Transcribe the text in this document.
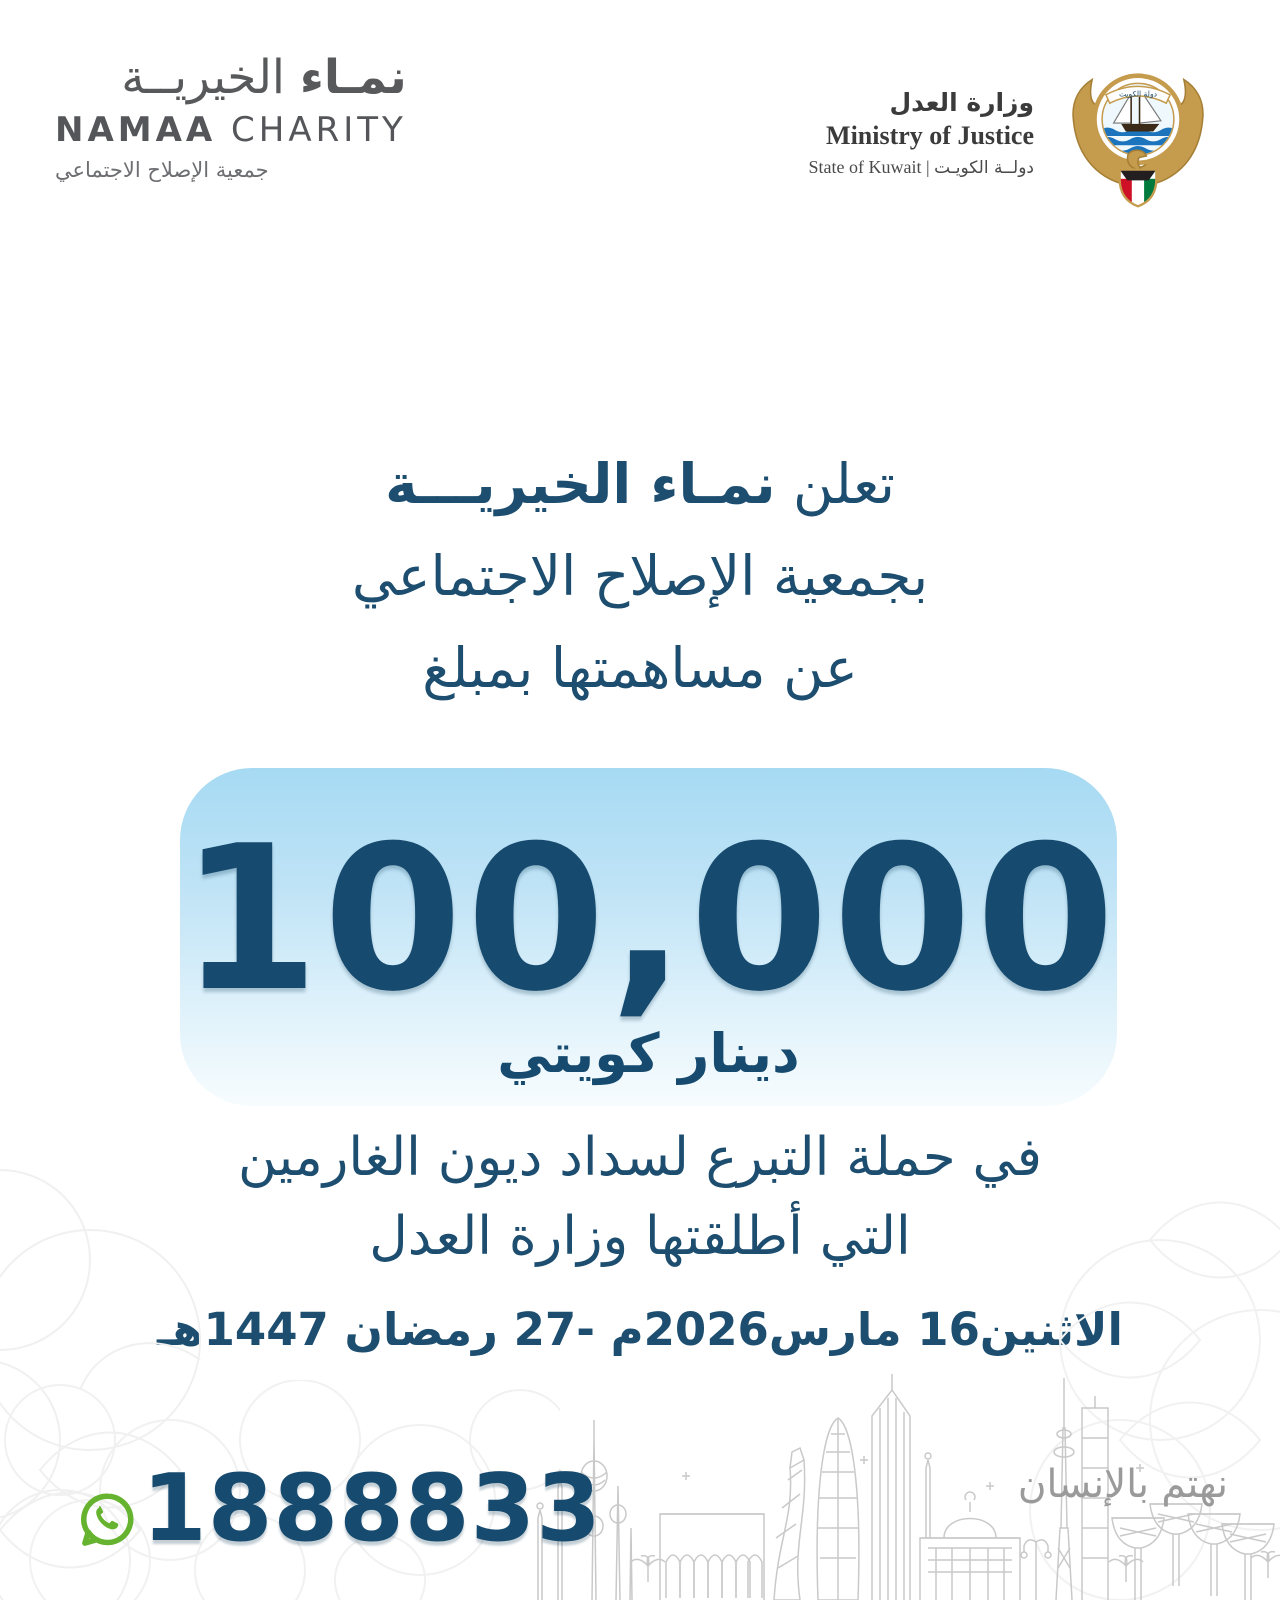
نمـاء الخيريــة
NAMAA CHARITY
جمعية الإصلاح الاجتماعي
وزارة العدل
Ministry of Justice
State of Kuwait | دولــة الكويـت
دولة الكويت
تعلن نمـاء الخيريـــة
بجمعية الإصلاح الاجتماعي
عن مساهمتها بمبلغ
100,000
دينار كويتي
في حملة التبرع لسداد ديون الغارمين
التي أطلقتها وزارة العدل
الاثنين16 مارس2026م -27 رمضان 1447هـ
1888833	نهتم بالإنسان
